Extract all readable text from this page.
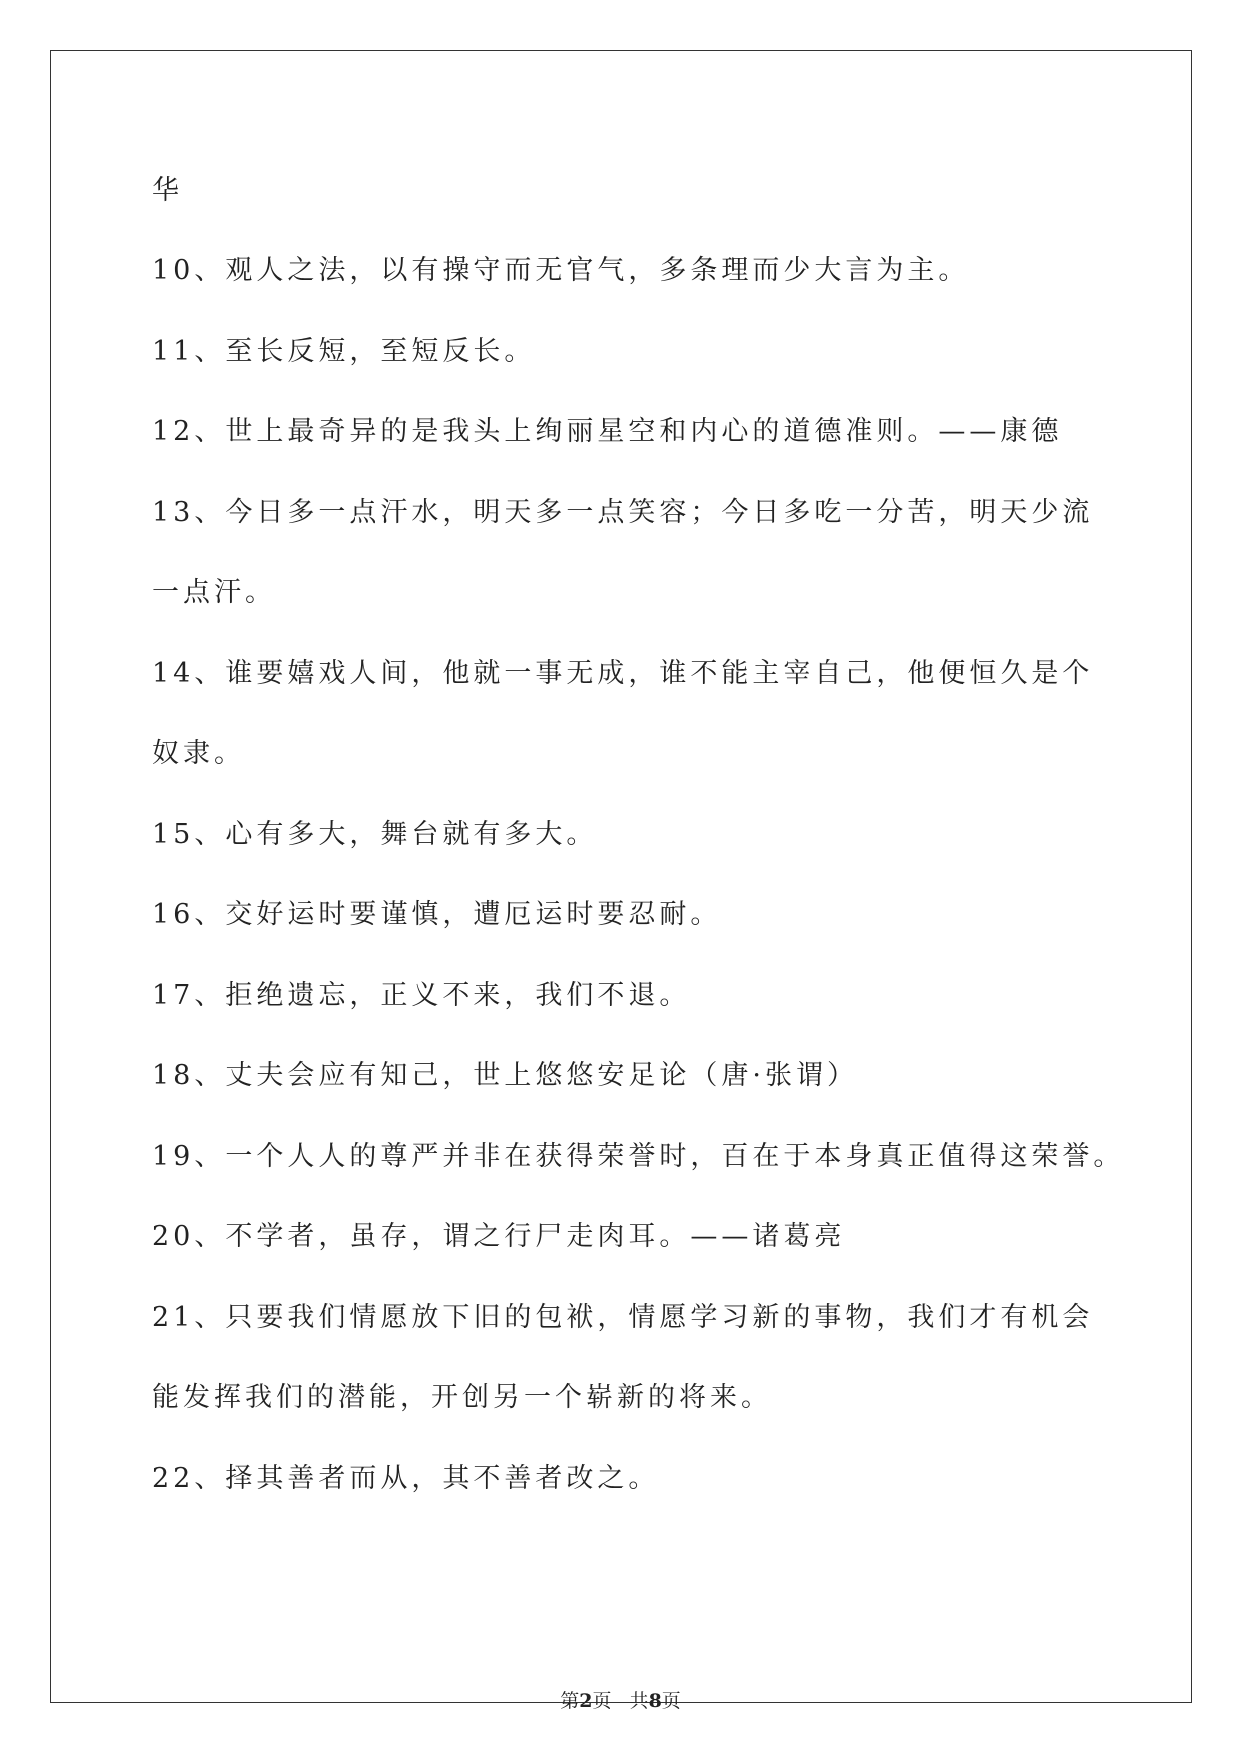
华
10、观人之法，以有操守而无官气，多条理而少大言为主。
11、至长反短，至短反长。
12、世上最奇异的是我头上绚丽星空和内心的道德准则。——康德
13、今日多一点汗水，明天多一点笑容；今日多吃一分苦，明天少流
一点汗。
14、谁要嬉戏人间，他就一事无成，谁不能主宰自己，他便恒久是个
奴隶。
15、心有多大，舞台就有多大。
16、交好运时要谨慎，遭厄运时要忍耐。
17、拒绝遗忘，正义不来，我们不退。
18、丈夫会应有知己，世上悠悠安足论（唐·张谓）
19、一个人人的尊严并非在获得荣誉时，百在于本身真正值得这荣誉。
20、不学者，虽存，谓之行尸走肉耳。——诸葛亮
21、只要我们情愿放下旧的包袱，情愿学习新的事物，我们才有机会
能发挥我们的潜能，开创另一个崭新的将来。
22、择其善者而从，其不善者改之。
第2页   共8页
